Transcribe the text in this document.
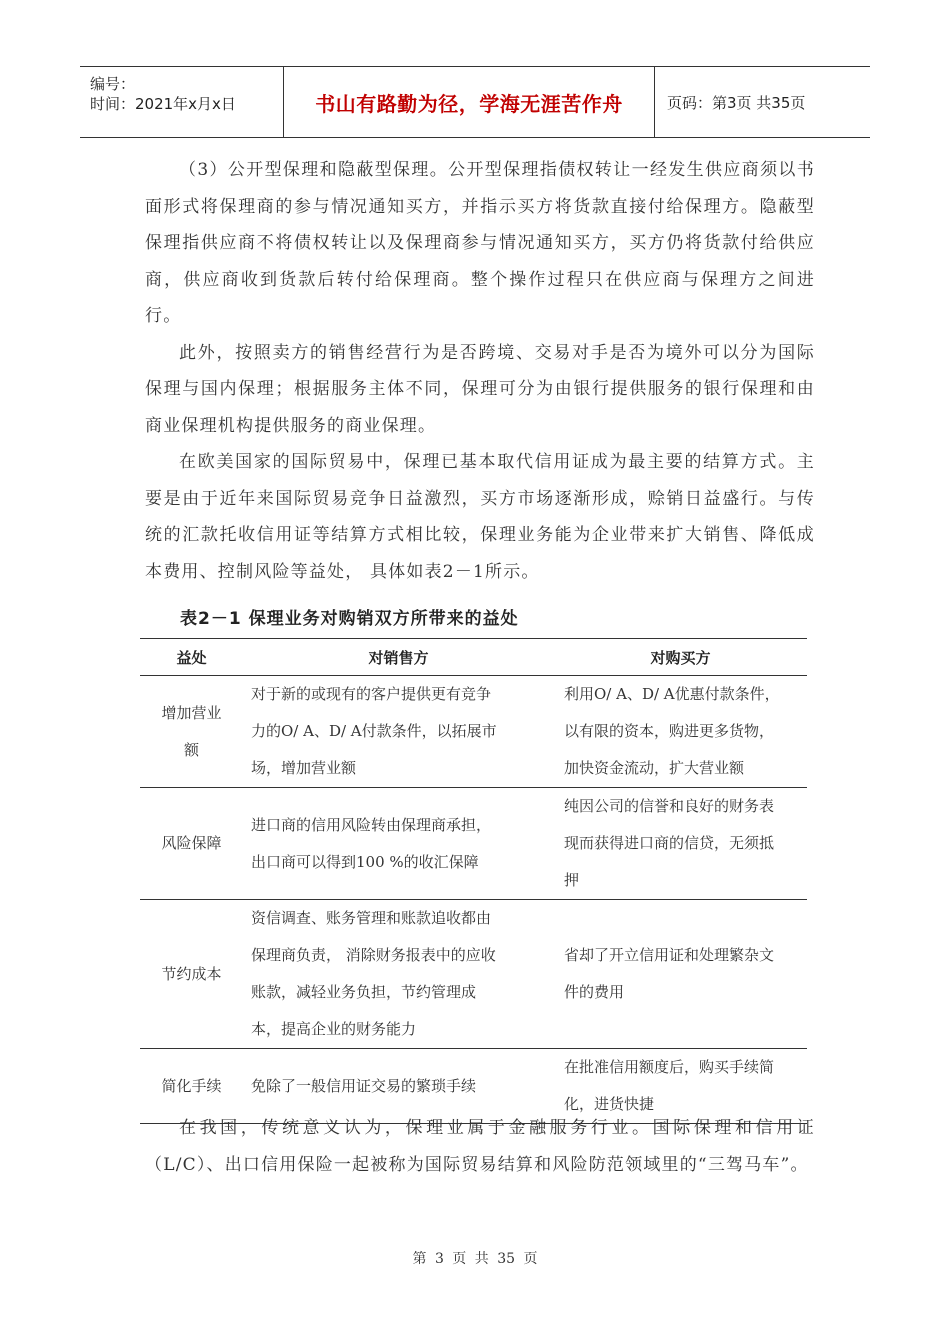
编号：
时间：2021年x月x日	书山有路勤为径，学海无涯苦作舟	页码：第3页 共35页

（3）公开型保理和隐蔽型保理。公开型保理指债权转让一经发生供应商须以书面形式将保理商的参与情况通知买方，并指示买方将货款直接付给保理方。隐蔽型保理指供应商不将债权转让以及保理商参与情况通知买方，买方仍将货款付给供应商，供应商收到货款后转付给保理商。整个操作过程只在供应商与保理方之间进行。

此外，按照卖方的销售经营行为是否跨境、交易对手是否为境外可以分为国际保理与国内保理；根据服务主体不同，保理可分为由银行提供服务的银行保理和由商业保理机构提供服务的商业保理。

在欧美国家的国际贸易中，保理已基本取代信用证成为最主要的结算方式。主要是由于近年来国际贸易竞争日益激烈，买方市场逐渐形成，赊销日益盛行。与传统的汇款托收信用证等结算方式相比较，保理业务能为企业带来扩大销售、降低成本费用、控制风险等益处， 具体如表2－1所示。

表2－1 保理业务对购销双方所带来的益处
益处	对销售方	对购买方

增加营业
额	对于新的或现有的客户提供更有竞争
力的O/ A、D/ A付款条件，以拓展市
场，增加营业额	利用O/ A、D/ A优惠付款条件，
以有限的资本，购进更多货物，
加快资金流动，扩大营业额

风险保障	进口商的信用风险转由保理商承担，
出口商可以得到100 %的收汇保障	纯因公司的信誉和良好的财务表
现而获得进口商的信贷，无须抵
押

节约成本	资信调查、账务管理和账款追收都由
保理商负责， 消除财务报表中的应收
账款，减轻业务负担，节约管理成
本，提高企业的财务能力	省却了开立信用证和处理繁杂文
件的费用

简化手续	免除了一般信用证交易的繁琐手续	在批准信用额度后，购买手续简
化，进货快捷

在我国，传统意义认为，保理业属于金融服务行业。国际保理和信用证（L/C）、出口信用保险一起被称为国际贸易结算和风险防范领域里的“三驾马车”。

第 3 页 共 35 页
